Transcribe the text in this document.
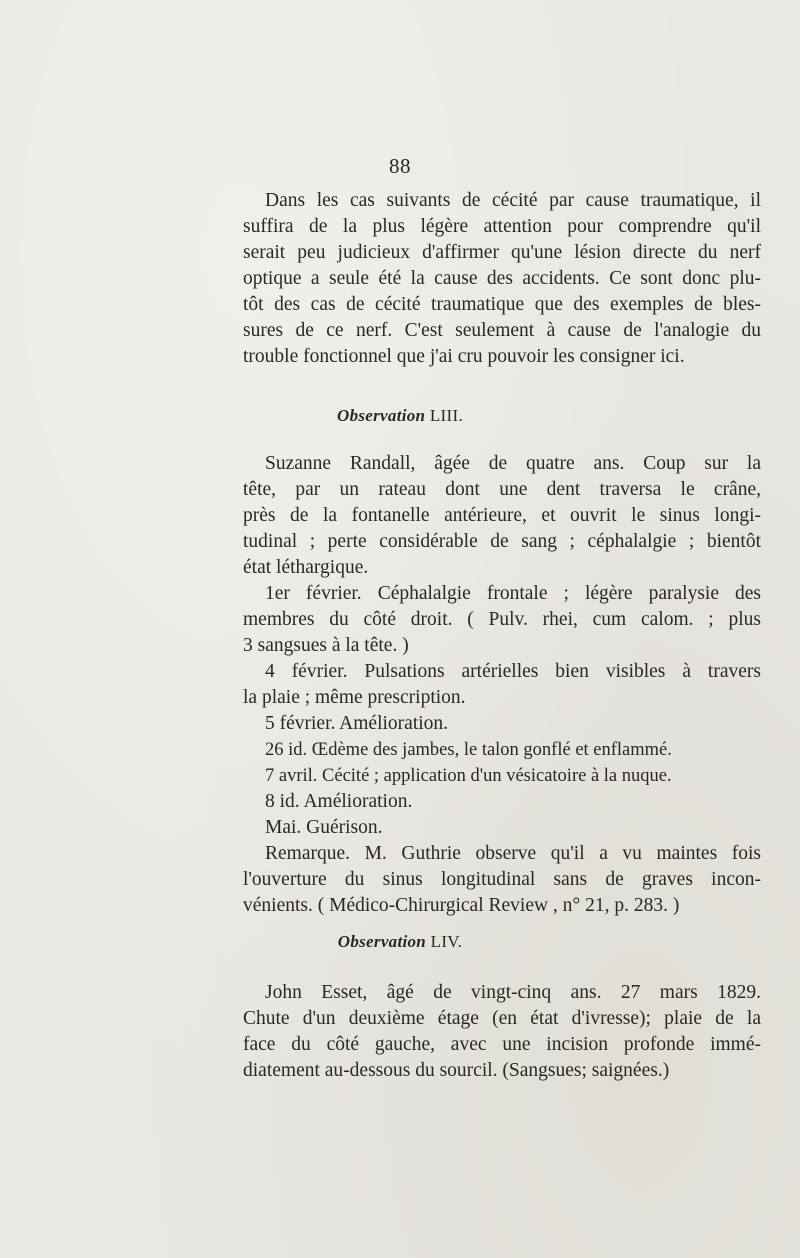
88
Dans les cas suivants de cécité par cause traumatique, il
suffira de la plus légère attention pour comprendre qu'il
serait peu judicieux d'affirmer qu'une lésion directe du nerf
optique a seule été la cause des accidents. Ce sont donc plu-
tôt des cas de cécité traumatique que des exemples de bles-
sures de ce nerf. C'est seulement à cause de l'analogie du
trouble fonctionnel que j'ai cru pouvoir les consigner ici.
Observation LIII.
Suzanne Randall, âgée de quatre ans. Coup sur la
tête, par un rateau dont une dent traversa le crâne,
près de la fontanelle antérieure, et ouvrit le sinus longi-
tudinal ; perte considérable de sang ; céphalalgie ; bientôt
état léthargique.
1er février. Céphalalgie frontale ; légère paralysie des
membres du côté droit. ( Pulv. rhei, cum calom. ; plus
3 sangsues à la tête. )
4 février. Pulsations artérielles bien visibles à travers
la plaie ; même prescription.
5 février. Amélioration.
26 id. Œdème des jambes, le talon gonflé et enflammé.
7 avril. Cécité ; application d'un vésicatoire à la nuque.
8 id. Amélioration.
Mai. Guérison.
Remarque. M. Guthrie observe qu'il a vu maintes fois
l'ouverture du sinus longitudinal sans de graves incon-
vénients. ( Médico-Chirurgical Review , n° 21, p. 283. )
Observation LIV.
John Esset, âgé de vingt-cinq ans. 27 mars 1829.
Chute d'un deuxième étage (en état d'ivresse); plaie de la
face du côté gauche, avec une incision profonde immé-
diatement au-dessous du sourcil. (Sangsues; saignées.)
